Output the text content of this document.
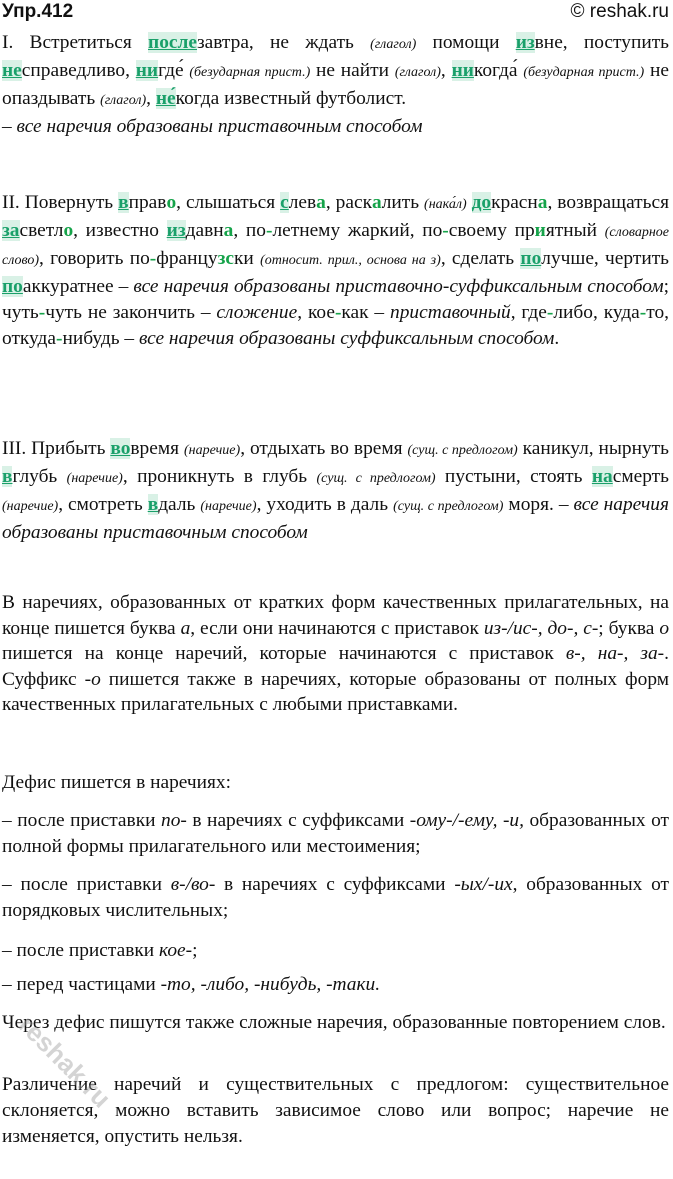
Упр.412	© reshak.ru
I. Встретиться послезавтра, не ждать (глагол) помощи извне, поступить несправедливо, нигде́ (безударная прист.) не найти (глагол), никогда́ (безударная прист.) не опаздывать (глагол), не́когда известный футболист.
– все наречия образованы приставочным способом
II. Повернуть вправо, слышаться слева, раскалить (нака́л) докрасна, возвращаться засветло, известно издавна, по-летнему жаркий, по-своему приятный (словарное слово), говорить по-французски (относит. прил., основа на з), сделать получше, чертить поаккуратнее – все наречия образованы приставочно-суффиксальным способом; чуть-чуть не закончить – сложение, кое-как – приставочный, где-либо, куда-то, откуда-нибудь – все наречия образованы суффиксальным способом.
III. Прибыть вовремя (наречие), отдыхать во время (сущ. с предлогом) каникул, нырнуть вглубь (наречие), проникнуть в глубь (сущ. с предлогом) пустыни, стоять насмерть (наречие), смотреть вдаль (наречие), уходить в даль (сущ. с предлогом) моря. – все наречия образованы приставочным способом
В наречиях, образованных от кратких форм качественных прилагательных, на конце пишется буква а, если они начинаются с приставок из-/ис-, до-, с-; буква о пишется на конце наречий, которые начинаются с приставок в-, на-, за-. Суффикс -о пишется также в наречиях, которые образованы от полных форм качественных прилагательных с любыми приставками.
Дефис пишется в наречиях:
– после приставки по- в наречиях с суффиксами -ому-/-ему, -и, образованных от полной формы прилагательного или местоимения;
– после приставки в-/во- в наречиях с суффиксами -ых/-их, образованных от порядковых числительных;
– после приставки кое-;
– перед частицами -то, -либо, -нибудь, -таки.
Через дефис пишутся также сложные наречия, образованные повторением слов.
Различение наречий и существительных с предлогом: существительное склоняется, можно вставить зависимое слово или вопрос; наречие не изменяется, опустить нельзя.
reshak.ru
